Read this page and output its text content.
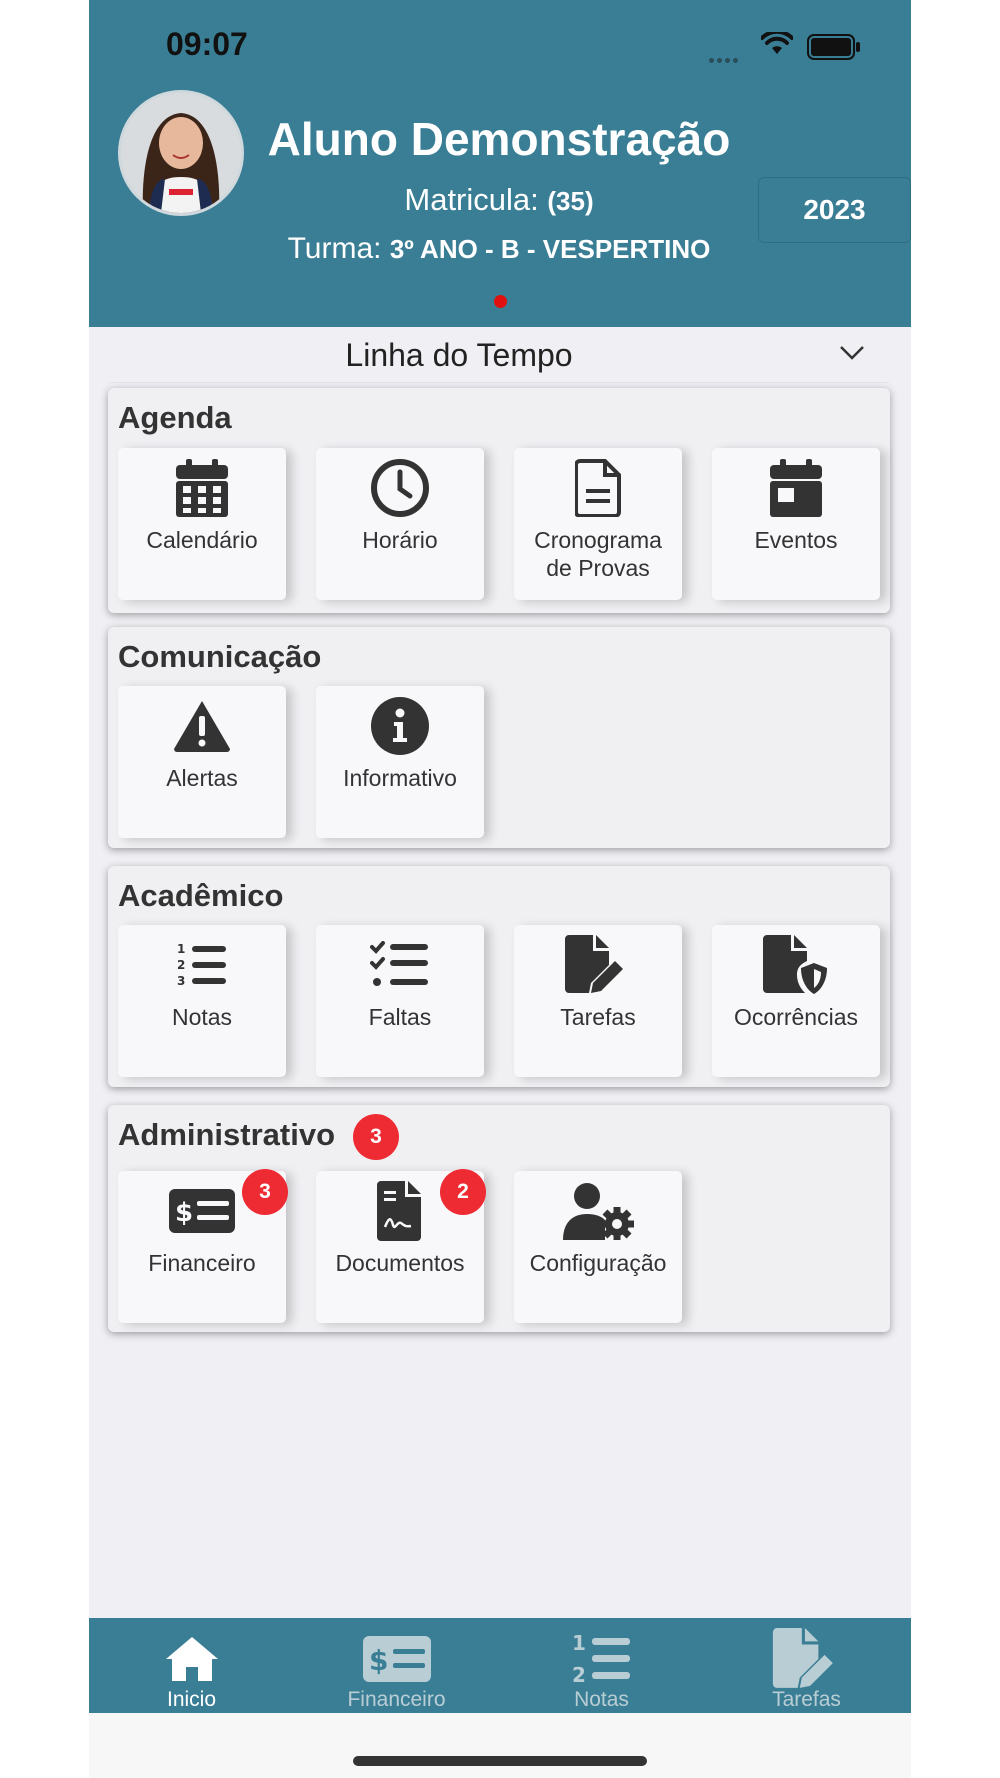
09:07
Aluno Demonstração
Matricula: (35)
Turma: 3º ANO - B - VESPERTINO
2023
Linha do Tempo
Agenda
Calendário	Horário	Cronograma
de Provas
Eventos
Comunicação
Alertas	Informativo
Acadêmico
1
2
3
Notas	Faltas	Tarefas	Ocorrências
Administrativo	3
$
Financeiro
3
Documentos
2
Configuração
Inicio
$
Financeiro
1
2
Notas	Tarefas
